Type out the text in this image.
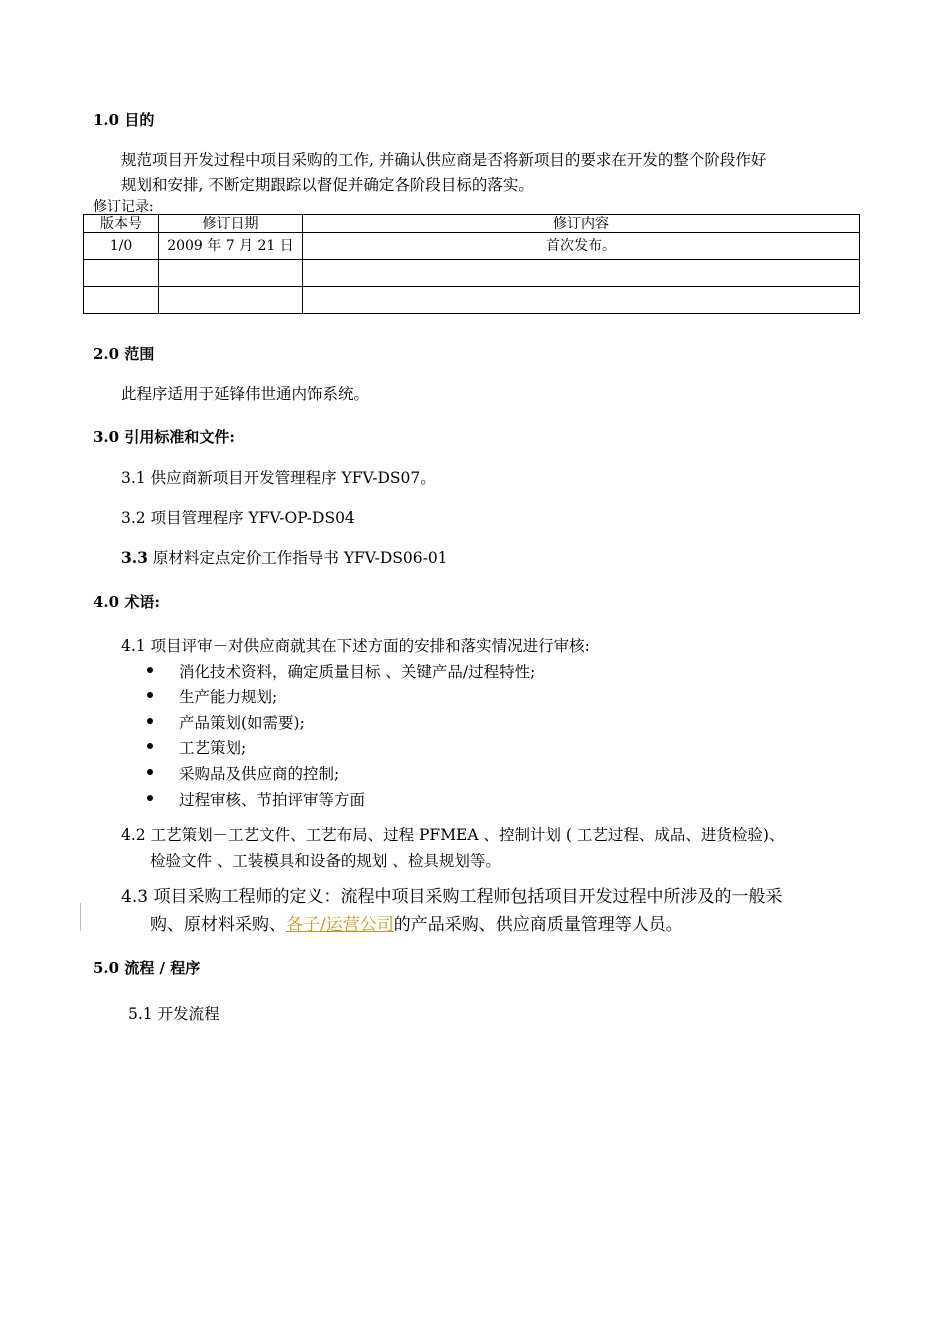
1.0 目的
规范项目开发过程中项目采购的工作, 并确认供应商是否将新项目的要求在开发的整个阶段作好
规划和安排, 不断定期跟踪以督促并确定各阶段目标的落实。
修订记录:
版本号	修订日期	修订内容
1/0	2009 年 7 月 21 日	首次发布。

2.0 范围
此程序适用于延锋伟世通内饰系统。
3.0 引用标准和文件:
3.1 供应商新项目开发管理程序 YFV-DS07。
3.2 项目管理程序 YFV-OP-DS04
3.3 原材料定点定价工作指导书 YFV-DS06-01
4.0 术语:
4.1 项目评审－对供应商就其在下述方面的安排和落实情况进行审核:
消化技术资料，确定质量目标 、关键产品/过程特性;
生产能力规划;
产品策划(如需要);
工艺策划;
采购品及供应商的控制;
过程审核、节拍评审等方面
4.2 工艺策划－工艺文件、工艺布局、过程 PFMEA 、控制计划 ( 工艺过程、成品、进货检验)、
检验文件 、工装模具和设备的规划 、检具规划等。
4.3 项目采购工程师的定义：流程中项目采购工程师包括项目开发过程中所涉及的一般采
购、原材料采购、各子/运营公司的产品采购、供应商质量管理等人员。
5.0 流程 / 程序
5.1 开发流程
